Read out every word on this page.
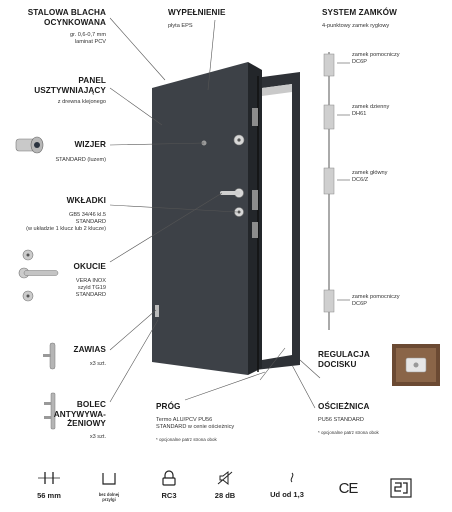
STALOWA BLACHA
OCYNKOWANA
gr. 0,6-0,7 mm
laminat PCV
PANEL
USZTYWNIAJĄCY
z drewna klejonego
WIZJER
STANDARD (luzem)
WKŁADKI
GB5 34/46 kl.5
STANDARD
(w układzie 1 klucz lub 2 klucze)
OKUCIE
VERA INOX
szyld TG19
STANDARD
ZAWIAS
x3 szt.
BOLEC
ANTYWYWA-
ŻENIOWY
x3 szt.
WYPEŁNIENIE
płyta EPS
SYSTEM ZAMKÓW
4-punktowy zamek ryglowy
zamek pomocniczy
DC6P
zamek dzienny
DH61
zamek główny
DC6/Z
zamek pomocniczy
DC6P
REGULACJA
DOCISKU
PRÓG
Termo ALU/PCV PU56
STANDARD w cenie ościeżnicy
* opcjonalne patrz strona obok
OŚCIEŻNICA
PU56 STANDARD
* opcjonalne patrz strona obok
56 mm	bez dolnej przylgi	RC3	28 dB	Ud od 1,3	CE
